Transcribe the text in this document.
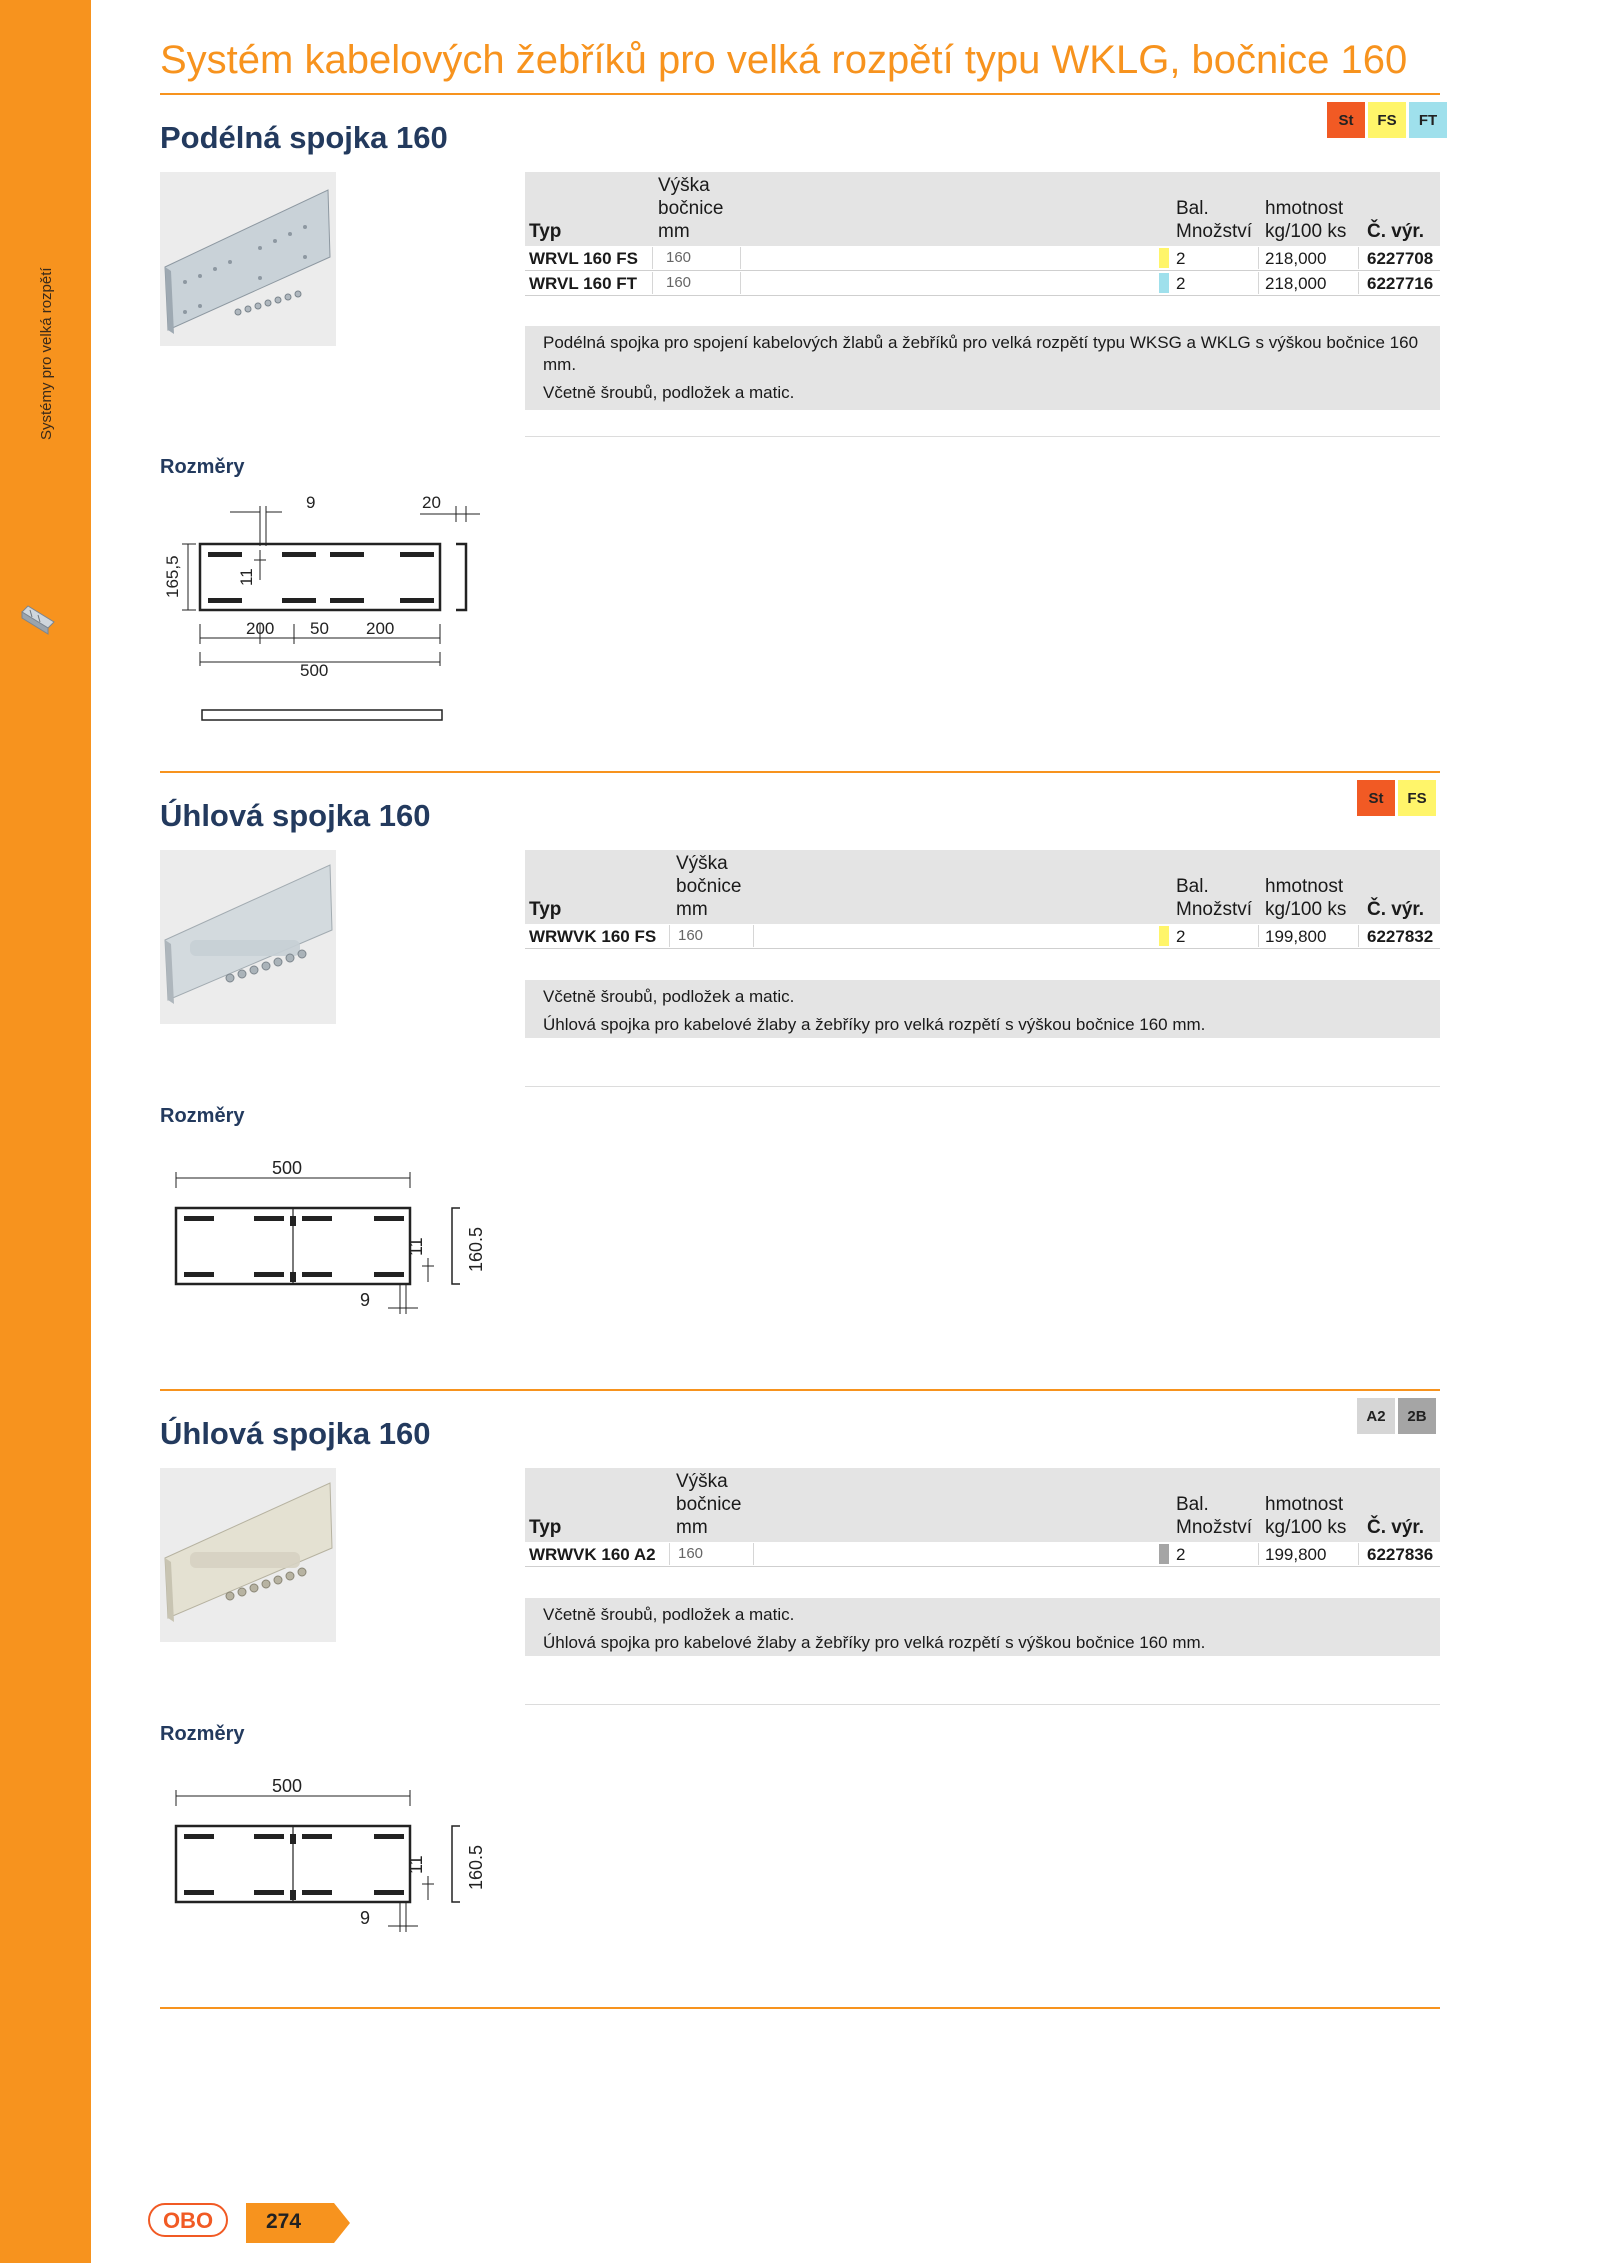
Systémy pro velká rozpětí
Systém kabelových žebříků pro velká rozpětí typu WKLG, bočnice 160
Podélná spojka 160	St	FS	FT
Výška
bočnice
mm
Typ
Bal.
Množství
hmotnost
kg/100 ks Č. výr.
WRVL 160 FS 160	2	218,000 6227708
WRVL 160 FT 160	2	218,000 6227716

Podélná spojka pro spojení kabelových žlabů a žebříků pro velká rozpětí typu WKSG a WKLG s výškou bočnice 160 mm.

Včetně šroubů, podložek a matic.

Rozměry
9	20
165,5	11
200 50 200
500
Úhlová spojka 160	St	FS
Výška
bočnice
mm
Typ
Bal.
Množství
hmotnost
kg/100 ks Č. výr.
WRWVK 160 FS 160	2	199,800 6227832

Včetně šroubů, podložek a matic.

Úhlová spojka pro kabelové žlaby a žebříky pro velká rozpětí s výškou bočnice 160 mm.

Rozměry
500
11 160.5
9
Úhlová spojka 160	A2	2B
Výška
bočnice
mm
Typ
Bal.
Množství
hmotnost
kg/100 ks Č. výr.
WRWVK 160 A2 160	2	199,800 6227836

Včetně šroubů, podložek a matic.

Úhlová spojka pro kabelové žlaby a žebříky pro velká rozpětí s výškou bočnice 160 mm.

Rozměry
500
11 160.5
9
OBO	274
